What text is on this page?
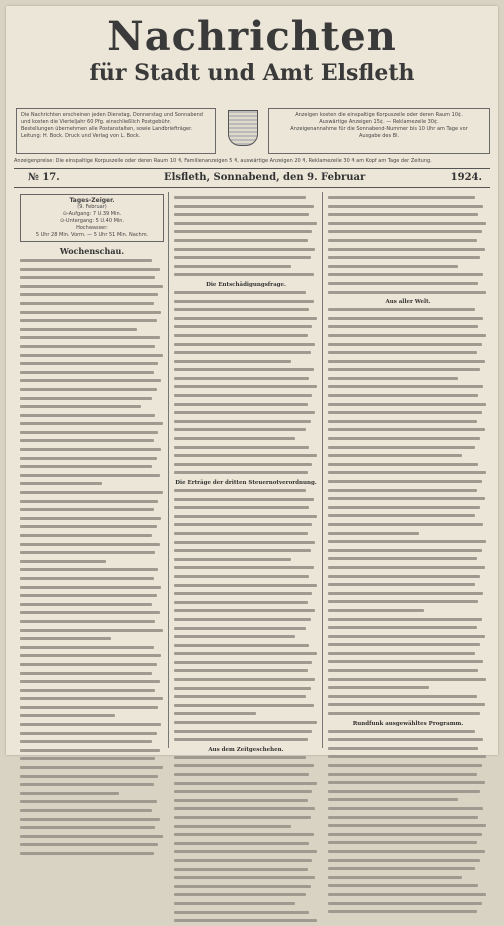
Nachrichten
für Stadt und Amt Elsfleth
Die Nachrichten erscheinen jeden Dienstag, Donnerstag und Sonnabend
und kosten die Vierteljahr 60 Pfg. einschließlich Postgebühr.
Bestellungen übernehmen alle Postanstalten, sowie Landbriefträger.
Leitung: H. Bock. Druck und Verlag von L. Bock.
Anzeigen kosten die einspaltige Korpuszeile oder deren Raum 10¢.
Auswärtige Anzeigen 15¢. — Reklamezeile 30¢.
Anzeigenannahme für die Sonnabend-Nummer bis 10 Uhr am Tage vor
Ausgabe des Bl.
Anzeigenpreise: Die einspaltige Korpuszeile oder deren Raum 10 ₰, Familienanzeigen 5 ₰, auswärtige Anzeigen 20 ₰, Reklamezeile 30 ₰ am Kopf am Tage der Zeitung.
№ 17.	Elsfleth, Sonnabend, den 9. Februar	1924.
Tages-Zeiger.
(9. Februar)
⊙-Aufgang: 7 U.39 Min.
⊙-Untergang: 5 U.40 Min.
Hochwasser:
5 Uhr 28 Min. Vorm. — 5 Uhr 51 Min. Nachm.
Wochenschau.
Die Entschädigungsfrage.
Die Erträge der dritten Steuernotverordnung.
Aus dem Zeitgeschehen.
Aus aller Welt.
Rundfunk ausgewähltes Programm.
